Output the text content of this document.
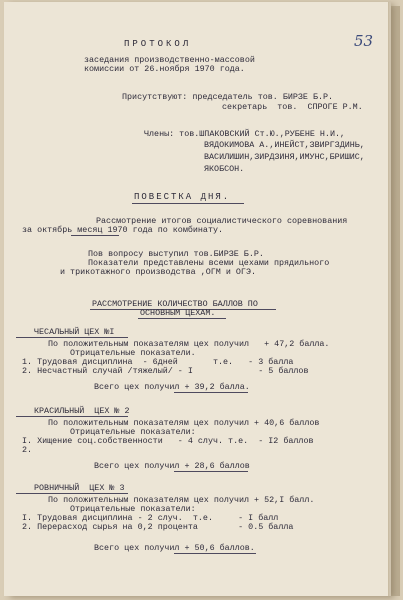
53
ПРОТОКОЛ
заседания производственно-массовой
комиссии от 26.ноября 1970 года.
Присутствуют: председатель тов. БИРЗЕ Б.Р.
секретарь  тов.  СПРОГЕ Р.М.
Члены: тов.ШПАКОВСКИЙ Ст.Ю.,РУБЕНЕ Н.И.,
ВЯДОКИМОВА А.,ИНЕЙСТ,ЗВИРГЗДИНЬ,
ВАСИЛИШИН,ЗИРДЗИНЯ,ИМУНС,БРИШИС,
ЯКОБСОН.
ПОВЕСТКА ДНЯ.
Рассмотрение итогов социалистического соревнования
за октябрь месяц 1970 года по комбинату.
Пов вопросу выступил тов.БИРЗЕ Б.Р.
Показатели представлены всеми цехами прядильного
и трикотажного производства ,ОГМ и ОГЭ.
РАССМОТРЕНИЕ КОЛИЧЕСТВО БАЛЛОВ ПО
ОСНОВНЫМ ЦЕХАМ.
ЧЕСАЛЬНЫЙ ЦЕХ №I
По положительным показателям цех получил   + 47,2 балла.
Отрицательные показатели.
1. Трудовая дисциплина  - 6дней       т.е.   - 3 балла
2. Несчастный случай /тяжелый/ - I             - 5 баллов
Всего цех получил + 39,2 балла.
КРАСИЛЬНЫЙ  ЦЕХ № 2
По положительным показателям цех получил + 40,6 баллов
Отрицательные показатели:
I. Хищение соц.собственности   - 4 случ. т.е.  - I2 баллов
2.
Всего цех получил + 28,6 баллов
РОВНИЧНЫЙ  ЦЕХ № 3
По положительным показателям цех получил + 52,I балл.
Отрицательные показатели:
I. Трудовая дисциплина - 2 случ.  т.е.     - I балл
2. Перерасход сырья на 0,2 процента        - 0.5 балла
Всего цех получил + 50,6 баллов.
